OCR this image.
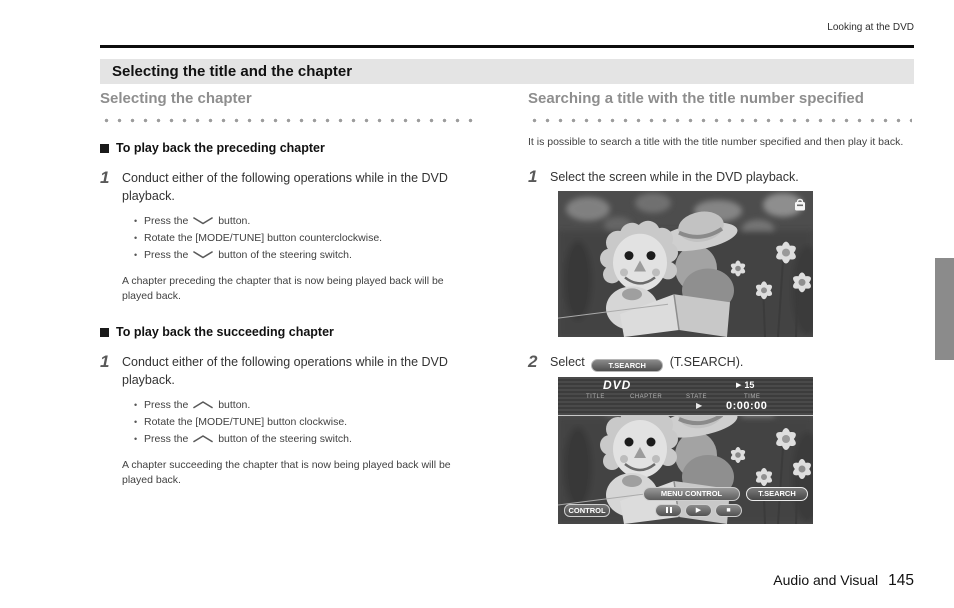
Looking at the DVD
Selecting the title and the chapter
Selecting the chapter
To play back the preceding chapter
1	Conduct either of the following operations while in the DVD playback.
• Press the	button.
• Rotate the [MODE/TUNE] button counterclockwise.
• Press the	button of the steering switch.
A chapter preceding the chapter that is now being played back will be played back.
To play back the succeeding chapter
1	Conduct either of the following operations while in the DVD playback.
• Press the	button.
• Rotate the [MODE/TUNE] button clockwise.
• Press the	button of the steering switch.
A chapter succeeding the chapter that is now being played back will be played back.
Searching a title with the title number specified
It is possible to search a title with the title number specified and then play it back.
1	Select the screen while in the DVD playback.
2	Select	T.SEARCH (T.SEARCH).
DVD	▶ 15
TITLE	CHAPTER	STATE	TIME
▶ 0:00:00
MENU CONTROL	T.SEARCH
CONTROL	▶	■
Audio and Visual 145
